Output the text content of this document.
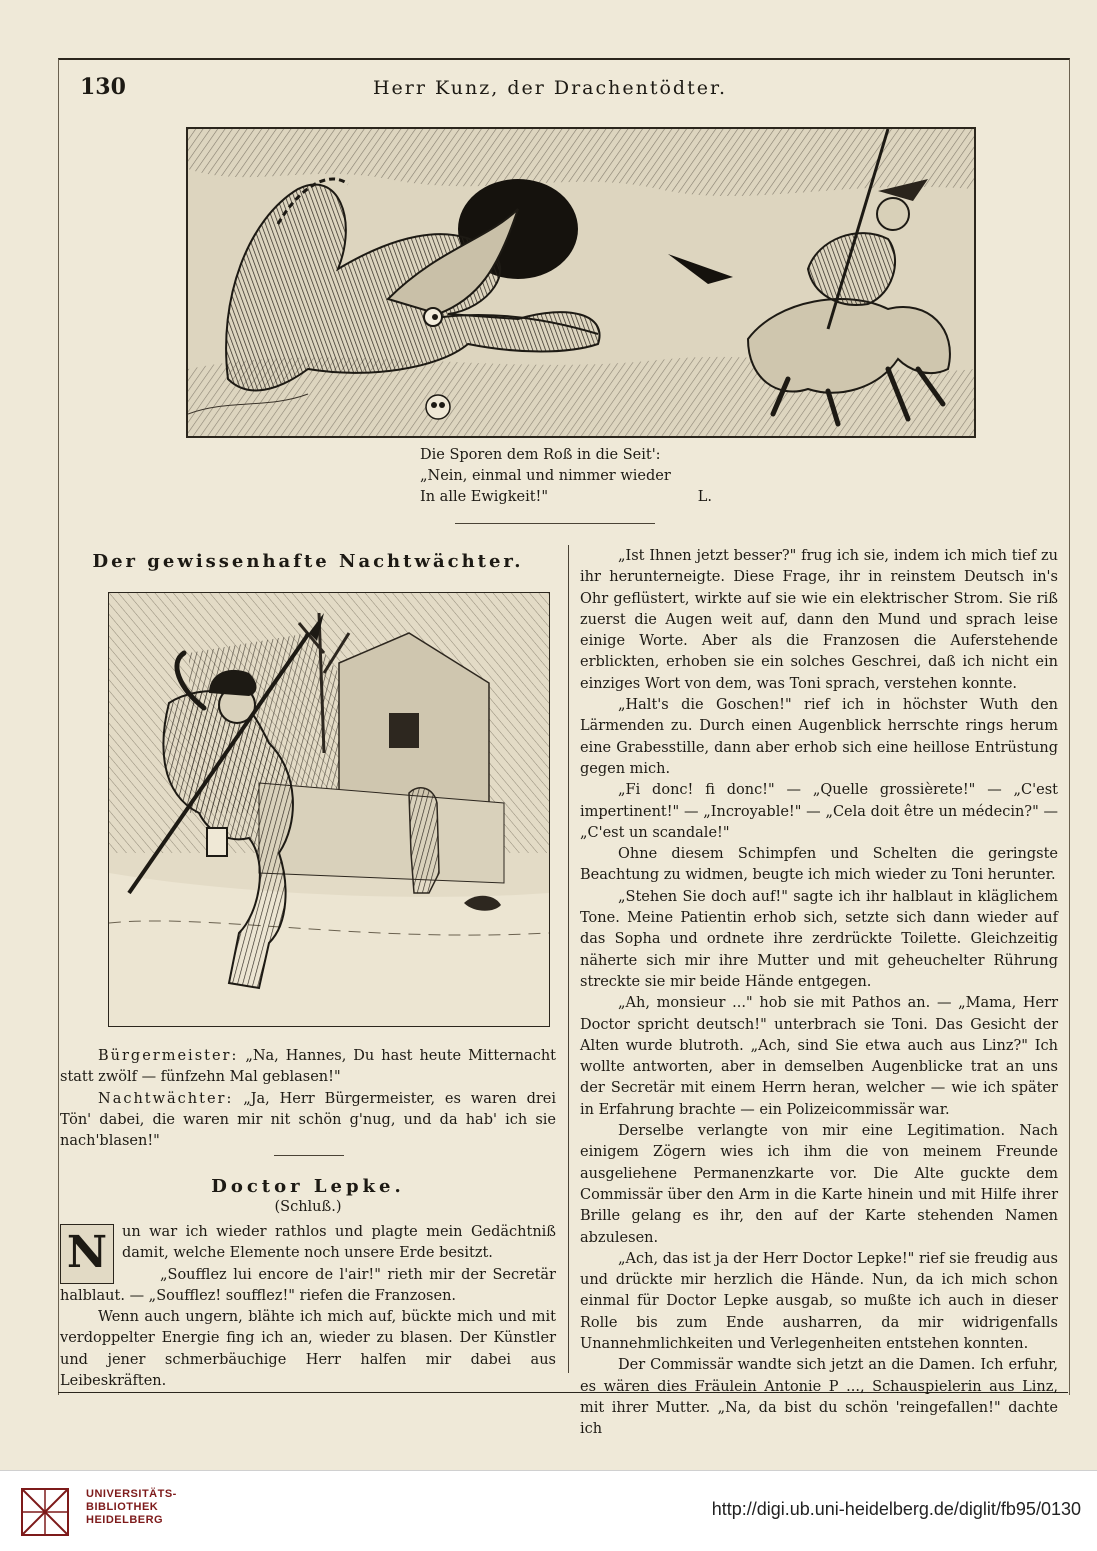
130	Herr Kunz, der Drachentödter.
Die Sporen dem Roß in die Seit':
„Nein, einmal und nimmer wieder
In alle Ewigkeit!"	L.
Der gewissenhafte Nachtwächter.

Bürgermeister: „Na, Hannes, Du hast heute Mitternacht statt zwölf — fünfzehn Mal geblasen!"

Nachtwächter: „Ja, Herr Bürgermeister, es waren drei Tön' dabei, die waren mir nit schön g'nug, und da hab' ich sie nach'blasen!"

Doctor Lepke.
(Schluß.)

N	un war ich wieder rathlos und plagte mein Gedächtniß damit, welche Elemente noch unsere Erde besitzt.

„Soufflez lui encore de l'air!" rieth mir der Secretär halblaut. — „Soufflez! soufflez!" riefen die Franzosen.

Wenn auch ungern, blähte ich mich auf, bückte mich und mit verdoppelter Energie fing ich an, wieder zu blasen. Der Künstler und jener schmerbäuchige Herr halfen mir dabei aus Leibeskräften.

„Ist Ihnen jetzt besser?" frug ich sie, indem ich mich tief zu ihr herunterneigte. Diese Frage, ihr in reinstem Deutsch in's Ohr geflüstert, wirkte auf sie wie ein elektrischer Strom. Sie riß zuerst die Augen weit auf, dann den Mund und sprach leise einige Worte. Aber als die Franzosen die Auferstehende erblickten, erhoben sie ein solches Geschrei, daß ich nicht ein einziges Wort von dem, was Toni sprach, verstehen konnte.

„Halt's die Goschen!" rief ich in höchster Wuth den Lärmenden zu. Durch einen Augenblick herrschte rings herum eine Grabesstille, dann aber erhob sich eine heillose Entrüstung gegen mich.

„Fi donc! fi donc!" — „Quelle grossièrete!" — „C'est impertinent!" — „Incroyable!" — „Cela doit être un médecin?" — „C'est un scandale!"

Ohne diesem Schimpfen und Schelten die geringste Beachtung zu widmen, beugte ich mich wieder zu Toni herunter.

„Stehen Sie doch auf!" sagte ich ihr halblaut in kläglichem Tone. Meine Patientin erhob sich, setzte sich dann wieder auf das Sopha und ordnete ihre zerdrückte Toilette. Gleichzeitig näherte sich mir ihre Mutter und mit geheuchelter Rührung streckte sie mir beide Hände entgegen.

„Ah, monsieur ..." hob sie mit Pathos an. — „Mama, Herr Doctor spricht deutsch!" unterbrach sie Toni. Das Gesicht der Alten wurde blutroth. „Ach, sind Sie etwa auch aus Linz?" Ich wollte antworten, aber in demselben Augenblicke trat an uns der Secretär mit einem Herrn heran, welcher — wie ich später in Erfahrung brachte — ein Polizeicommissär war.

Derselbe verlangte von mir eine Legitimation. Nach einigem Zögern wies ich ihm die von meinem Freunde ausgeliehene Permanenzkarte vor. Die Alte guckte dem Commissär über den Arm in die Karte hinein und mit Hilfe ihrer Brille gelang es ihr, den auf der Karte stehenden Namen abzulesen.

„Ach, das ist ja der Herr Doctor Lepke!" rief sie freudig aus und drückte mir herzlich die Hände. Nun, da ich mich schon einmal für Doctor Lepke ausgab, so mußte ich auch in dieser Rolle bis zum Ende ausharren, da mir widrigenfalls Unannehmlichkeiten und Verlegenheiten entstehen konnten.

Der Commissär wandte sich jetzt an die Damen. Ich erfuhr, es wären dies Fräulein Antonie P ..., Schauspielerin aus Linz, mit ihrer Mutter. „Na, da bist du schön 'reingefallen!" dachte ich

UNIVERSITÄTS-
BIBLIOTHEK
HEIDELBERG
http://digi.ub.uni-heidelberg.de/diglit/fb95/0130
